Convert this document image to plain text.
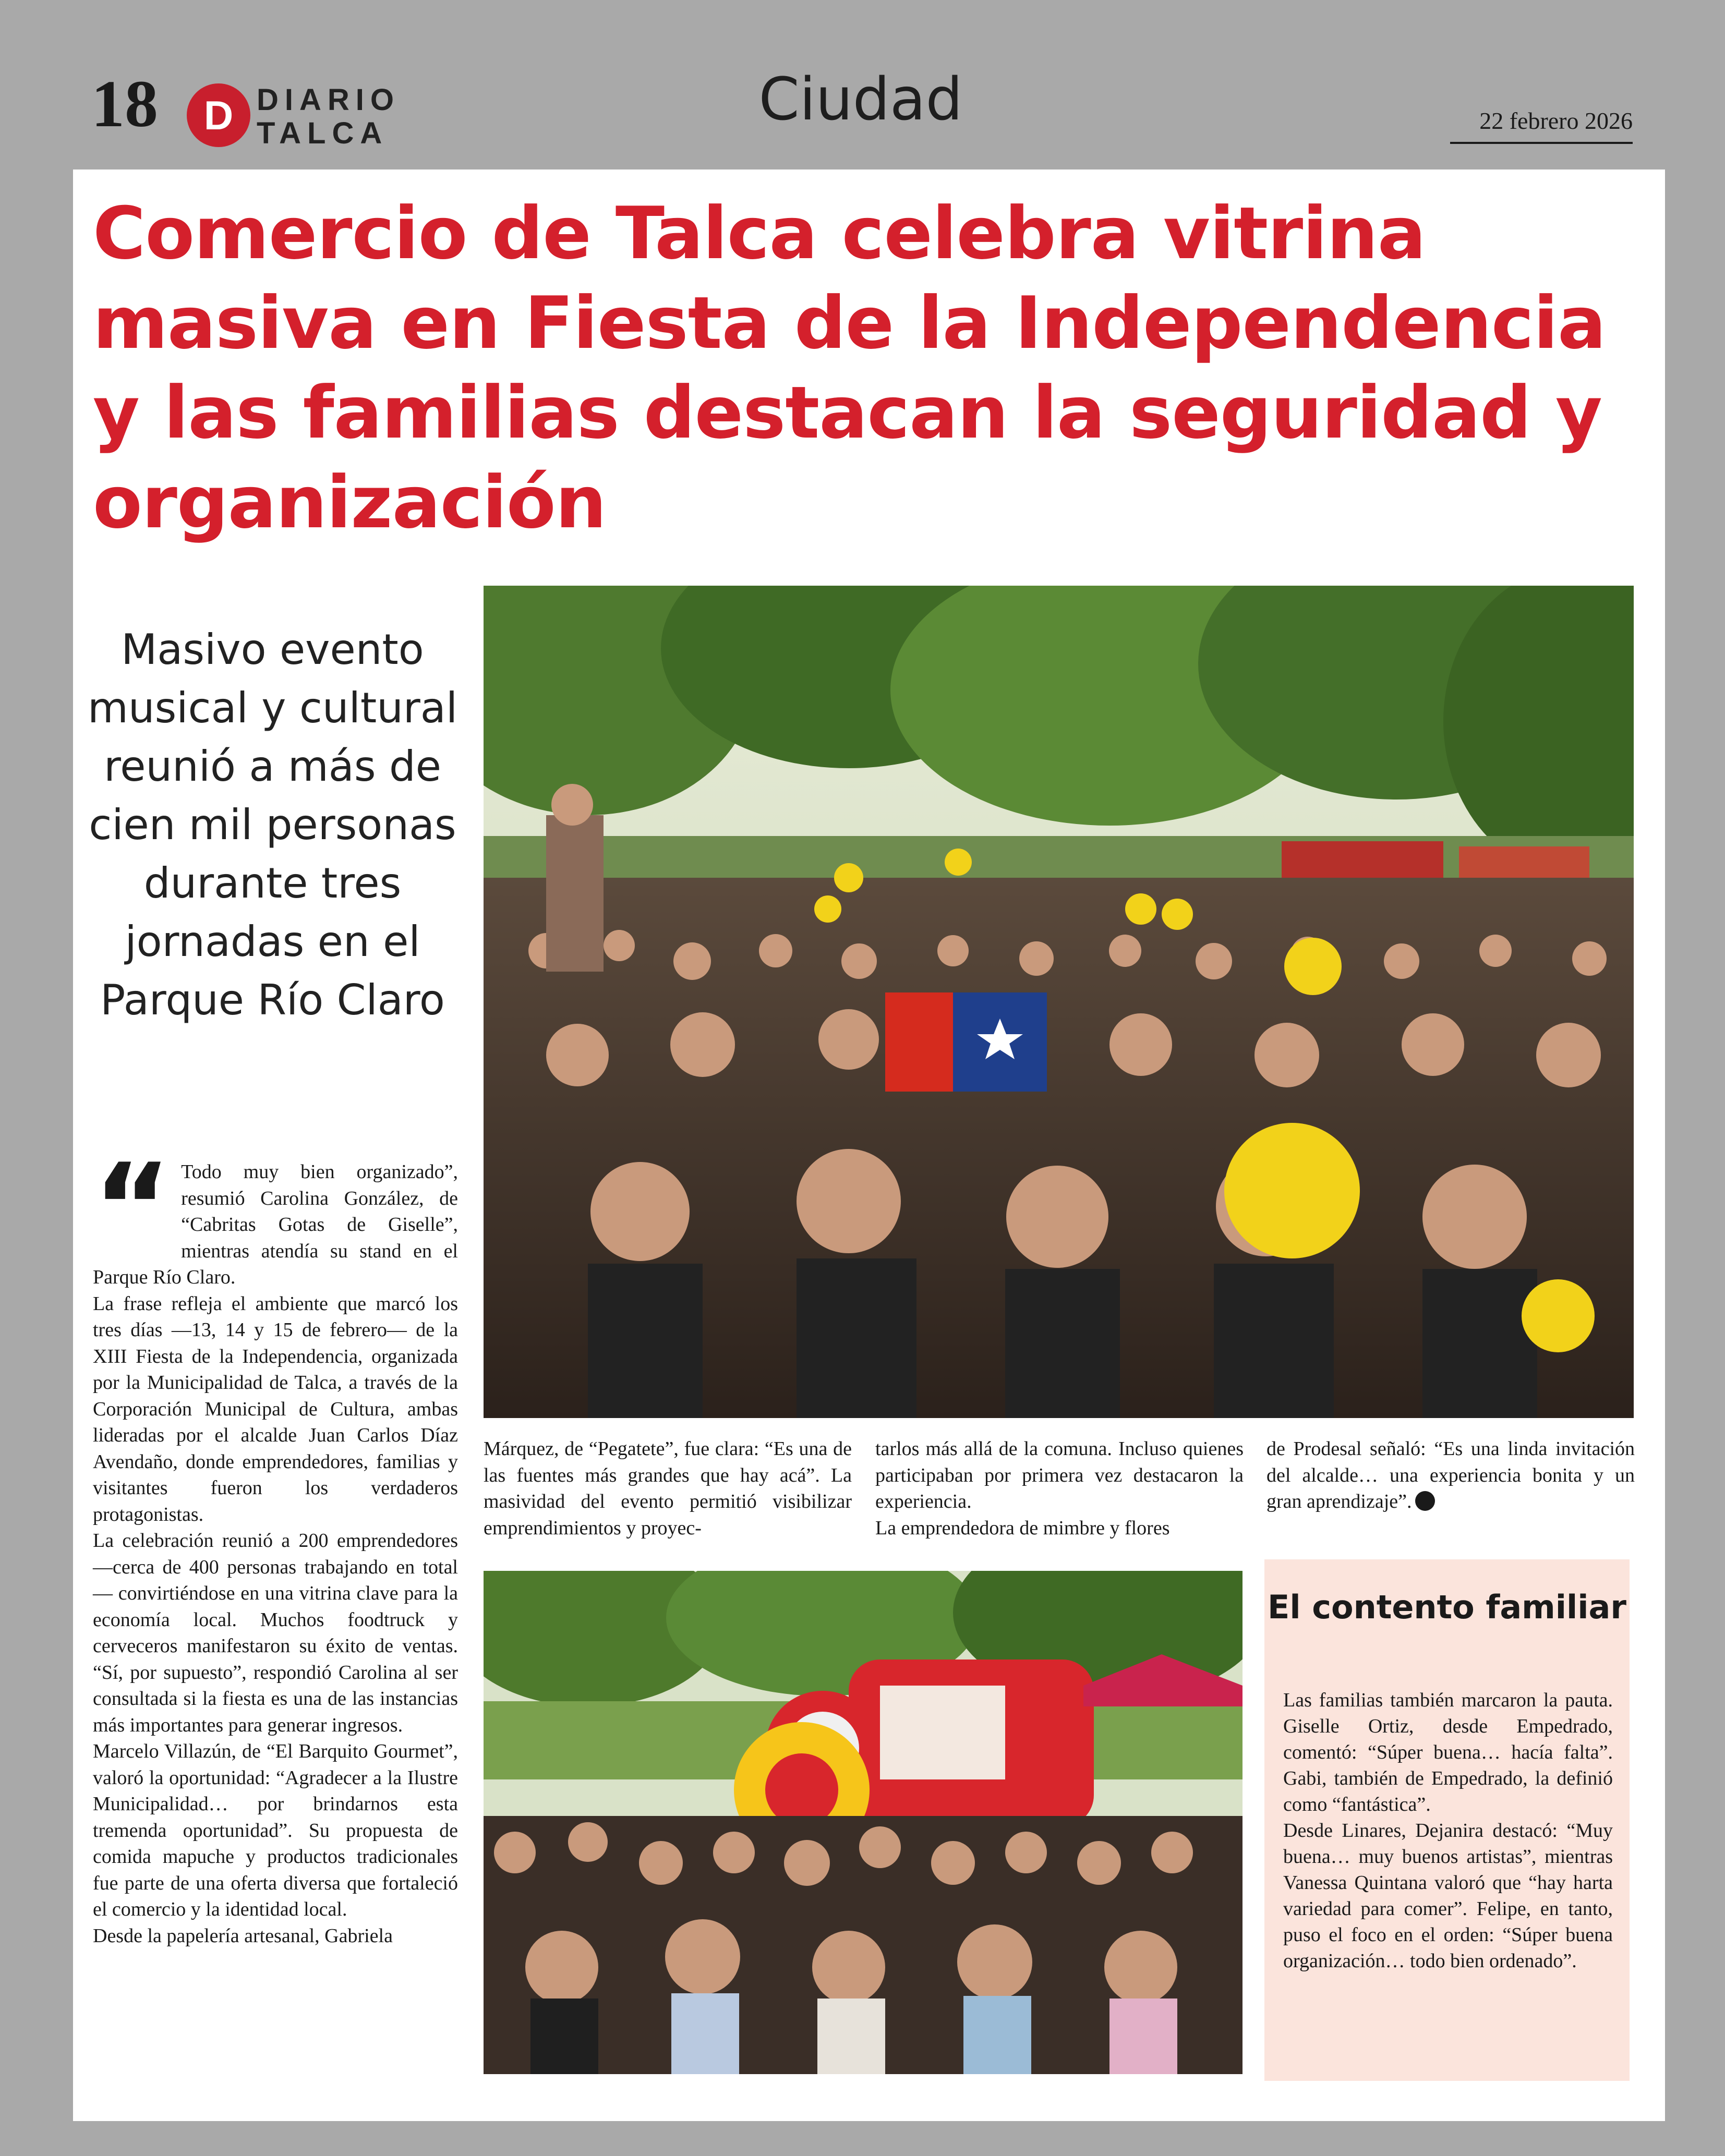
18	D DIARIO
TALCA	Ciudad	22 febrero 2026
Comercio de Talca celebra vitrina masiva en Fiesta de la Independencia y las familias destacan la seguridad y organización
Masivo evento musical y cultural reunió a más de cien mil personas durante tres jornadas en el Parque Río Claro
“ Todo muy bien organizado”, resumió Carolina González, de “Cabritas Gotas de Giselle”, mientras atendía su stand en el Parque Río Claro.

La frase refleja el ambiente que marcó los tres días —13, 14 y 15 de febrero— de la XIII Fiesta de la Independencia, organizada por la Municipalidad de Talca, a través de la Corporación Municipal de Cultura, ambas lideradas por el alcalde Juan Carlos Díaz Avendaño, donde emprendedores, familias y visitantes fueron los verdaderos protagonistas.

La celebración reunió a 200 emprendedores —cerca de 400 personas trabajando en total— convirtiéndose en una vitrina clave para la economía local. Muchos foodtruck y cerveceros manifestaron su éxito de ventas. “Sí, por supuesto”, respondió Carolina al ser consultada si la fiesta es una de las instancias más importantes para generar ingresos.

Marcelo Villazún, de “El Barquito Gourmet”, valoró la oportunidad: “Agradecer a la Ilustre Municipalidad… por brindarnos esta tremenda oportunidad”. Su propuesta de comida mapuche y productos tradicionales fue parte de una oferta diversa que fortaleció el comercio y la identidad local.

Desde la papelería artesanal, Gabriela

Márquez, de “Pegatete”, fue clara: “Es una de las fuentes más grandes que hay acá”. La masividad del evento permitió visibilizar emprendimientos y proyec-

tarlos más allá de la comuna. Incluso quienes participaban por primera vez destacaron la experiencia.

La emprendedora de mimbre y flores

de Prodesal señaló: “Es una linda invitación del alcalde… una experiencia bonita y un gran aprendizaje”.

El contento familiar

Las familias también marcaron la pauta. Giselle Ortiz, desde Empedrado, comentó: “Súper buena… hacía falta”. Gabi, también de Empedrado, la definió como “fantástica”.

Desde Linares, Dejanira destacó: “Muy buena… muy buenos artistas”, mientras Vanessa Quintana valoró que “hay harta variedad para comer”. Felipe, en tanto, puso el foco en el orden: “Súper buena organización… todo bien ordenado”.
